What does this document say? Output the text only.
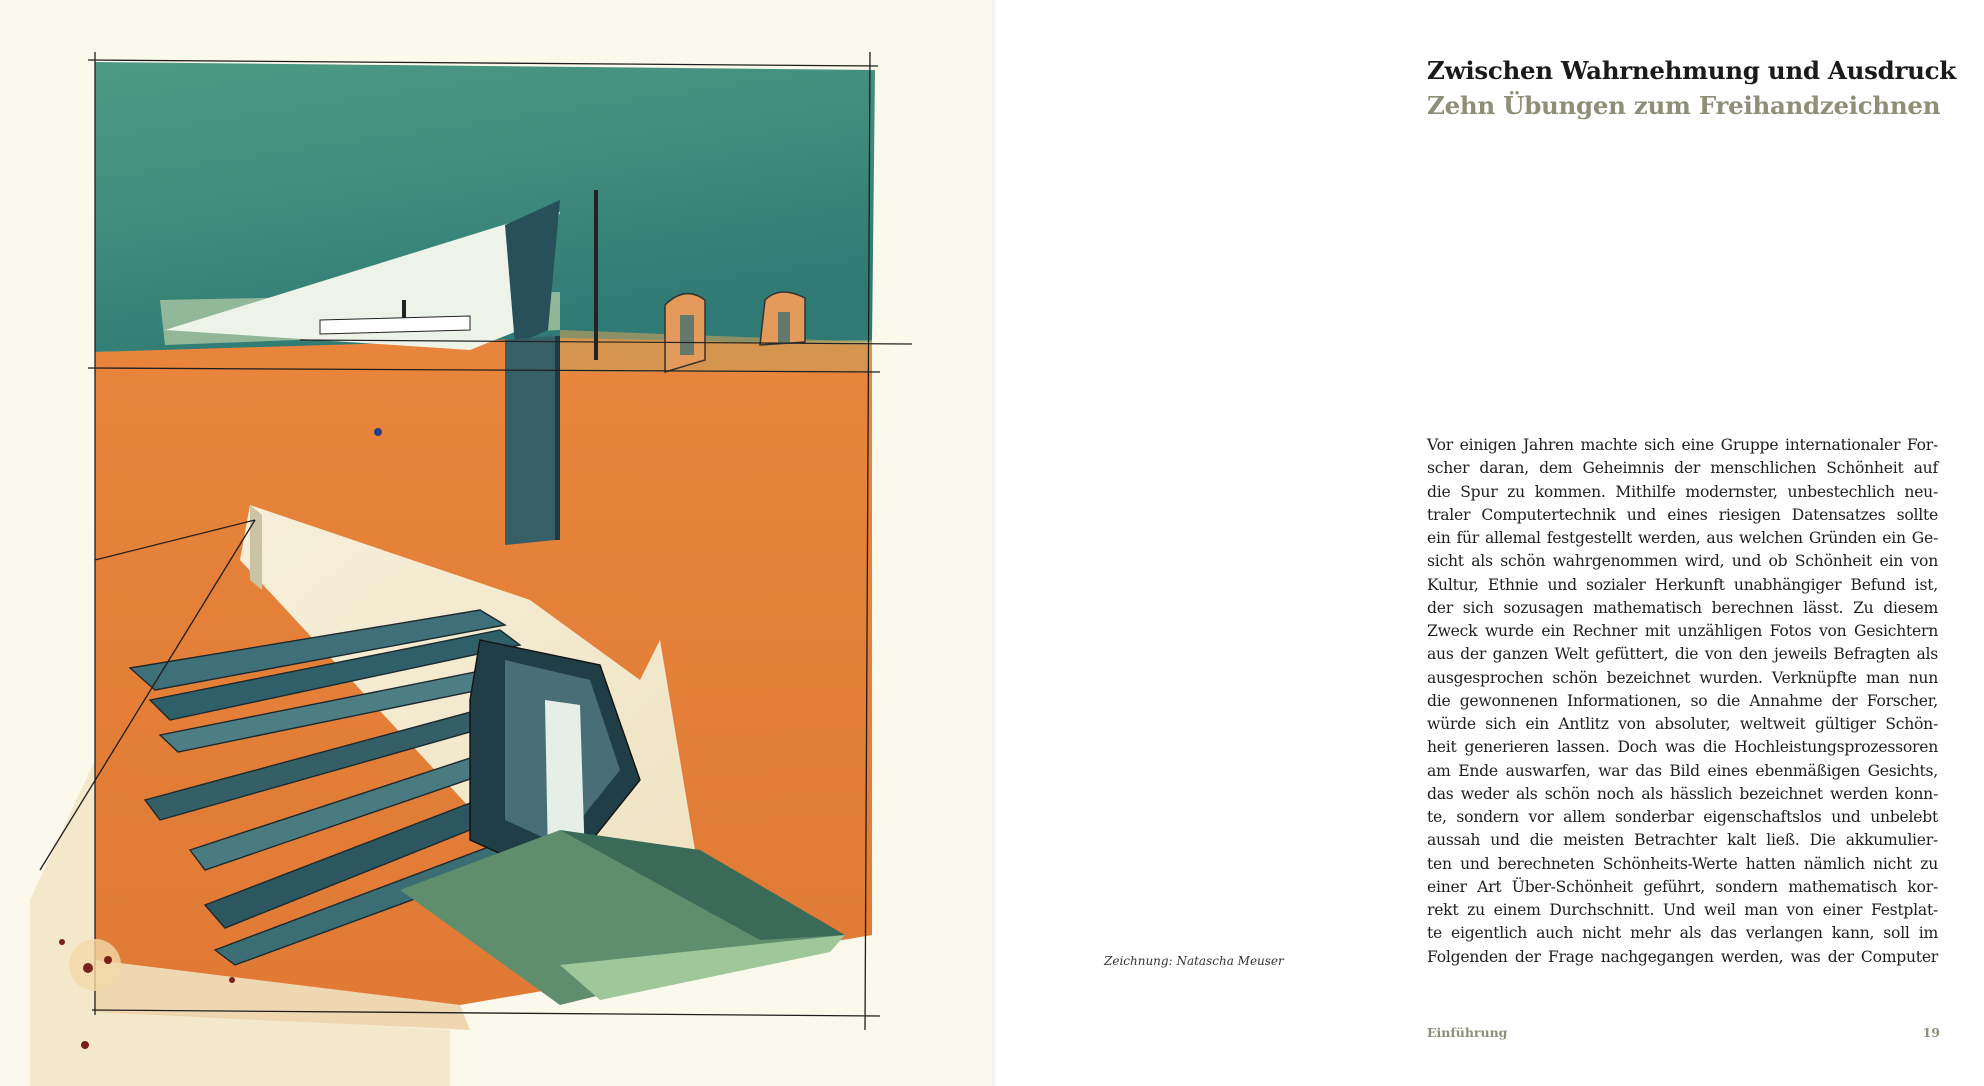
Zeichnung: Natascha Meuser
Zwischen Wahrnehmung und Ausdruck
Zehn Übungen zum Freihandzeichnen
Vor einigen Jahren machte sich eine Gruppe internationaler For-
scher daran, dem Geheimnis der menschlichen Schönheit auf
die Spur zu kommen. Mithilfe modernster, unbestechlich neu-
traler Computertechnik und eines riesigen Datensatzes sollte
ein für allemal festgestellt werden, aus welchen Gründen ein Ge-
sicht als schön wahrgenommen wird, und ob Schönheit ein von
Kultur, Ethnie und sozialer Herkunft unabhängiger Befund ist,
der sich sozusagen mathematisch berechnen lässt. Zu diesem
Zweck wurde ein Rechner mit unzähligen Fotos von Gesichtern
aus der ganzen Welt gefüttert, die von den jeweils Befragten als
ausgesprochen schön bezeichnet wurden. Verknüpfte man nun
die gewonnenen Informationen, so die Annahme der Forscher,
würde sich ein Antlitz von absoluter, weltweit gültiger Schön-
heit generieren lassen. Doch was die Hochleistungsprozessoren
am Ende auswarfen, war das Bild eines ebenmäßigen Gesichts,
das weder als schön noch als hässlich bezeichnet werden konn-
te, sondern vor allem sonderbar eigenschaftslos und unbelebt
aussah und die meisten Betrachter kalt ließ. Die akkumulier-
ten und berechneten Schönheits-Werte hatten nämlich nicht zu
einer Art Über-Schönheit geführt, sondern mathematisch kor-
rekt zu einem Durchschnitt. Und weil man von einer Festplat-
te eigentlich auch nicht mehr als das verlangen kann, soll im
Folgenden der Frage nachgegangen werden, was der Computer
Einführung	19
